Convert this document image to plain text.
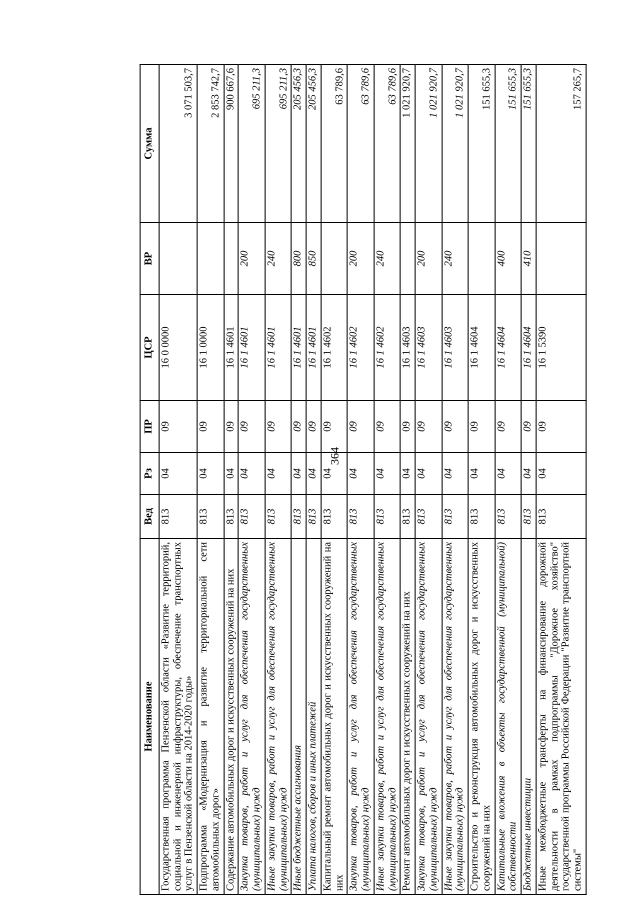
364
Наименование	Вед	Рз	ПР	ЦСР	ВР	Сумма
Государственная программа Пензенской области «Развитие территорий, социальной и инженерной инфраструктуры, обеспечение транспортных услуг в Пензенской области на 2014-2020 годы»	813	04	09	16 0 0000		3 071 503,7
Подпрограмма «Модернизация и развитие территориальной сети автомобильных дорог»	813	04	09	16 1 0000		2 853 742,7
Содержание автомобильных дорог и искусственных сооружений на них	813	04	09	16 1 4601		900 667,6
Закупка товаров, работ и услуг для обеспечения государственных (муниципальных) нужд	813	04	09	16 1 4601	200	695 211,3
Иные закупки товаров, работ и услуг для обеспечения государственных (муниципальных) нужд	813	04	09	16 1 4601	240	695 211,3
Иные бюджетные ассигнования	813	04	09	16 1 4601	800	205 456,3
Уплата налогов, сборов и иных платежей	813	04	09	16 1 4601	850	205 456,3
Капитальный ремонт автомобильных дорог и искусственных сооружений на них	813	04	09	16 1 4602		63 789,6
Закупка товаров, работ и услуг для обеспечения государственных (муниципальных) нужд	813	04	09	16 1 4602	200	63 789,6
Иные закупки товаров, работ и услуг для обеспечения государственных (муниципальных) нужд	813	04	09	16 1 4602	240	63 789,6
Ремонт автомобильных дорог и искусственных сооружений на них	813	04	09	16 1 4603		1 021 920,7
Закупка товаров, работ и услуг для обеспечения государственных (муниципальных) нужд	813	04	09	16 1 4603	200	1 021 920,7
Иные закупки товаров, работ и услуг для обеспечения государственных (муниципальных) нужд	813	04	09	16 1 4603	240	1 021 920,7
Строительство и реконструкция автомобильных дорог и искусственных сооружений на них	813	04	09	16 1 4604		151 655,3
Капитальные вложения в объекты государственной (муниципальной) собственности	813	04	09	16 1 4604	400	151 655,3
Бюджетные инвестиции	813	04	09	16 1 4604	410	151 655,3
Иные межбюджетные трансферты на финансирование дорожной деятельности в рамках подпрограммы "Дорожное хозяйство" государственной программы Российской Федерации "Развитие транспортной системы"	813	04	09	16 1 5390		157 265,7
